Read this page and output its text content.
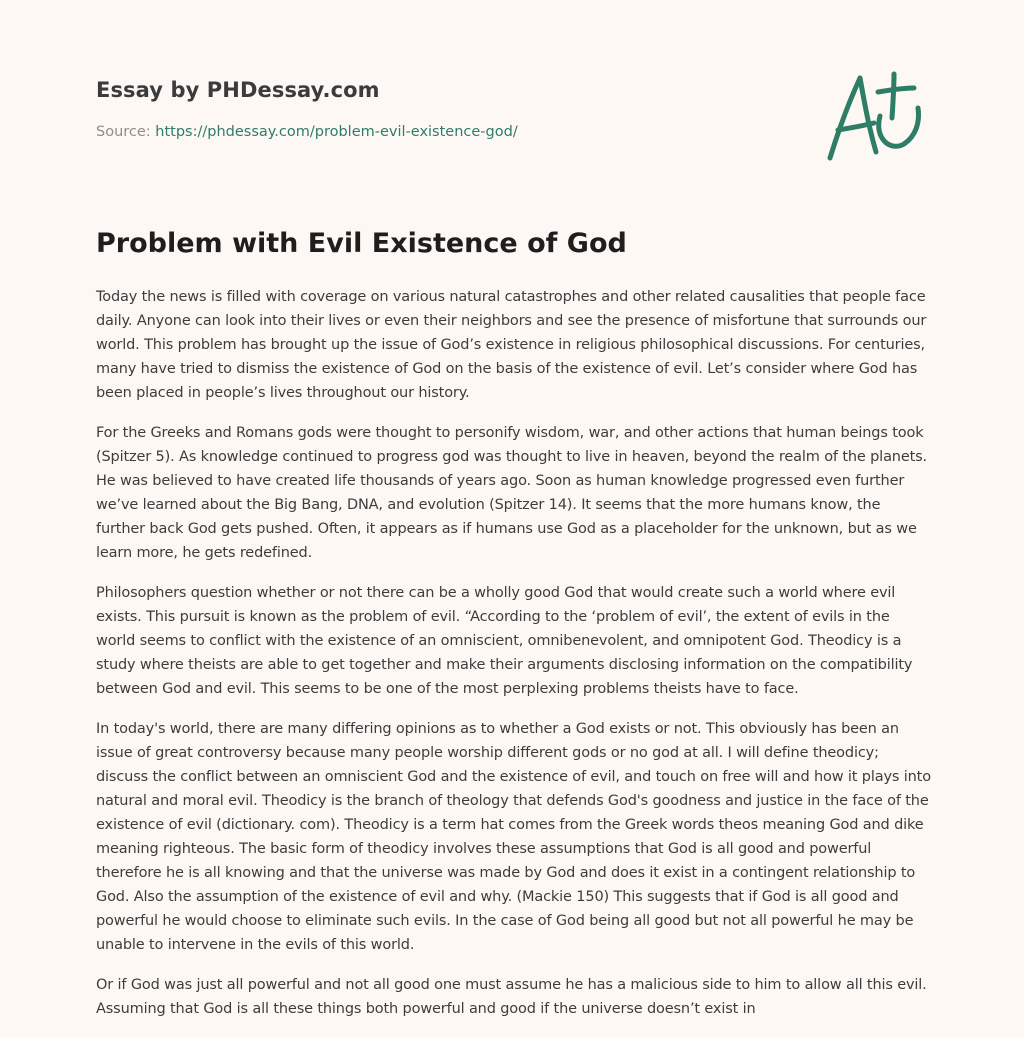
Essay by PHDessay.com
Source: https://phdessay.com/problem-evil-existence-god/
Problem with Evil Existence of God

Today the news is filled with coverage on various natural catastrophes and other related causalities that people face daily. Anyone can look into their lives or even their neighbors and see the presence of misfortune that surrounds our world. This problem has brought up the issue of God’s existence in religious philosophical discussions. For centuries, many have tried to dismiss the existence of God on the basis of the existence of evil. Let’s consider where God has been placed in people’s lives throughout our history.

For the Greeks and Romans gods were thought to personify wisdom, war, and other actions that human beings took (Spitzer 5). As knowledge continued to progress god was thought to live in heaven, beyond the realm of the planets. He was believed to have created life thousands of years ago. Soon as human knowledge progressed even further we’ve learned about the Big Bang, DNA, and evolution (Spitzer 14). It seems that the more humans know, the further back God gets pushed. Often, it appears as if humans use God as a placeholder for the unknown, but as we learn more, he gets redefined.

Philosophers question whether or not there can be a wholly good God that would create such a world where evil exists. This pursuit is known as the problem of evil. “According to the ‘problem of evil’, the extent of evils in the world seems to conflict with the existence of an omniscient, omnibenevolent, and omnipotent God. Theodicy is a study where theists are able to get together and make their arguments disclosing information on the compatibility between God and evil. This seems to be one of the most perplexing problems theists have to face.

In today's world, there are many differing opinions as to whether a God exists or not. This obviously has been an issue of great controversy because many people worship different gods or no god at all. I will define theodicy; discuss the conflict between an omniscient God and the existence of evil, and touch on free will and how it plays into natural and moral evil. Theodicy is the branch of theology that defends God's goodness and justice in the face of the existence of evil (dictionary. com). Theodicy is a term hat comes from the Greek words theos meaning God and dike meaning righteous. The basic form of theodicy involves these assumptions that God is all good and powerful therefore he is all knowing and that the universe was made by God and does it exist in a contingent relationship to God. Also the assumption of the existence of evil and why. (Mackie 150) This suggests that if God is all good and powerful he would choose to eliminate such evils. In the case of God being all good but not all powerful he may be unable to intervene in the evils of this world.

Or if God was just all powerful and not all good one must assume he has a malicious side to him to allow all this evil. Assuming that God is all these things both powerful and good if the universe doesn’t exist in
